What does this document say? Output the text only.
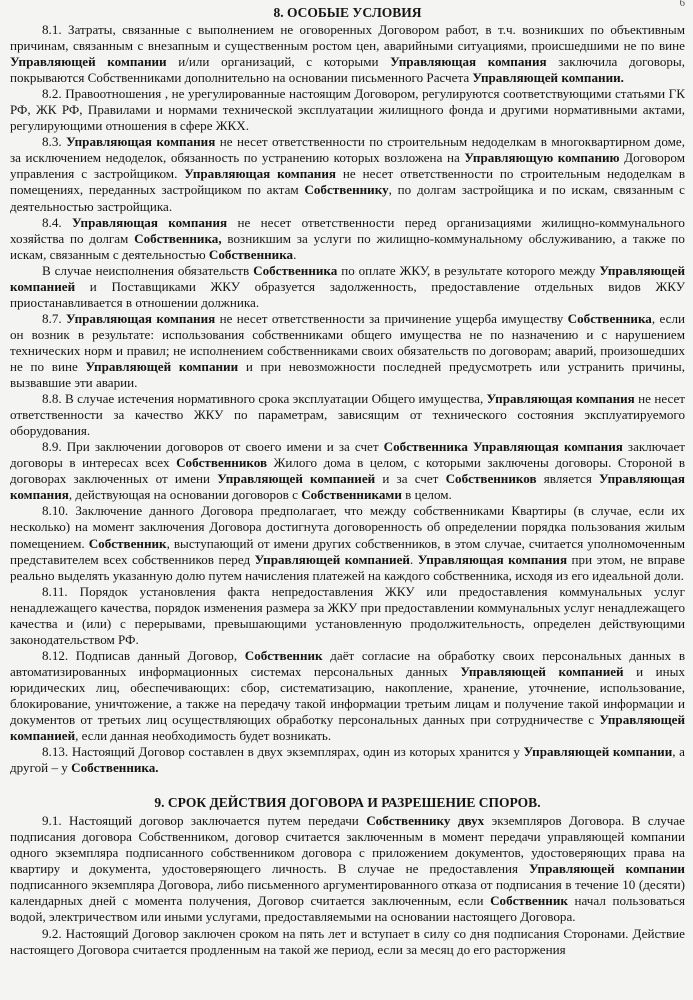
6
8. ОСОБЫЕ УСЛОВИЯ

8.1. Затраты, связанные с выполнением не оговоренных Договором работ, в т.ч. возникших по объективным причинам, связанным с внезапным и существенным ростом цен, аварийными ситуациями, происшедшими не по вине Управляющей компании и/или организаций, с которыми Управляющая компания заключила договоры, покрываются Собственниками дополнительно на основании письменного Расчета Управляющей компании.

8.2. Правоотношения , не урегулированные настоящим Договором, регулируются соответствующими статьями ГК РФ, ЖК РФ, Правилами и нормами технической эксплуатации жилищного фонда и другими нормативными актами, регулирующими отношения в сфере ЖКХ.

8.3. Управляющая компания не несет ответственности по строительным недоделкам в многоквартирном доме, за исключением недоделок, обязанность по устранению которых возложена на Управляющую компанию Договором управления с застройщиком. Управляющая компания не несет ответственности по строительным недоделкам в помещениях, переданных застройщиком по актам Собственнику, по долгам застройщика и по искам, связанным с деятельностью застройщика.

8.4. Управляющая компания не несет ответственности перед организациями жилищно-коммунального хозяйства по долгам Собственника, возникшим за услуги по жилищно-коммунальному обслуживанию, а также по искам, связанным с деятельностью Собственника.

В случае неисполнения обязательств Собственника по оплате ЖКУ, в результате которого между Управляющей компанией и Поставщиками ЖКУ образуется задолженность, предоставление отдельных видов ЖКУ приостанавливается в отношении должника.

8.7. Управляющая компания не несет ответственности за причинение ущерба имуществу Собственника, если он возник в результате: использования собственниками общего имущества не по назначению и с нарушением технических норм и правил; не исполнением собственниками своих обязательств по договорам; аварий, произошедших не по вине Управляющей компании и при невозможности последней предусмотреть или устранить причины, вызвавшие эти аварии.

8.8. В случае истечения нормативного срока эксплуатации Общего имущества, Управляющая компания не несет ответственности за качество ЖКУ по параметрам, зависящим от технического состояния эксплуатируемого оборудования.

8.9. При заключении договоров от своего имени и за счет Собственника Управляющая компания заключает договоры в интересах всех Собственников Жилого дома в целом, с которыми заключены договоры. Стороной в договорах заключенных от имени Управляющей компанией и за счет Собственников является Управляющая компания, действующая на основании договоров с Собственниками в целом.

8.10. Заключение данного Договора предполагает, что между собственниками Квартиры (в случае, если их несколько) на момент заключения Договора достигнута договоренность об определении порядка пользования жилым помещением. Собственник, выступающий от имени других собственников, в этом случае, считается уполномоченным представителем всех собственников перед Управляющей компанией. Управляющая компания при этом, не вправе реально выделять указанную долю путем начисления платежей на каждого собственника, исходя из его идеальной доли.

8.11. Порядок установления факта непредоставления ЖКУ или предоставления коммунальных услуг ненадлежащего качества, порядок изменения размера за ЖКУ при предоставлении коммунальных услуг ненадлежащего качества и (или) с перерывами, превышающими установленную продолжительность, определен действующими законодательством РФ.

8.12. Подписав данный Договор, Собственник даёт согласие на обработку своих персональных данных в автоматизированных информационных системах персональных данных Управляющей компанией и иных юридических лиц, обеспечивающих: сбор, систематизацию, накопление, хранение, уточнение, использование, блокирование, уничтожение, а также на передачу такой информации третьим лицам и получение такой информации и документов от третьих лиц осуществляющих обработку персональных данных при сотрудничестве с Управляющей компанией, если данная необходимость будет возникать.

8.13. Настоящий Договор составлен в двух экземплярах, один из которых хранится у Управляющей компании, а другой – у Собственника.

9. СРОК ДЕЙСТВИЯ ДОГОВОРА И РАЗРЕШЕНИЕ СПОРОВ.

9.1. Настоящий договор заключается путем передачи Собственнику двух экземпляров Договора. В случае подписания договора Собственником, договор считается заключенным в момент передачи управляющей компании одного экземпляра подписанного собственником договора с приложением документов, удостоверяющих права на квартиру и документа, удостоверяющего личность. В случае не предоставления Управляющей компании подписанного экземпляра Договора, либо письменного аргументированного отказа от подписания в течение 10 (десяти) календарных дней с момента получения, Договор считается заключенным, если Собственник начал пользоваться водой, электричеством или иными услугами, предоставляемыми на основании настоящего Договора.

9.2. Настоящий Договор заключен сроком на пять лет и вступает в силу со дня подписания Сторонами. Действие настоящего Договора считается продленным на такой же период, если за месяц до его расторжения
